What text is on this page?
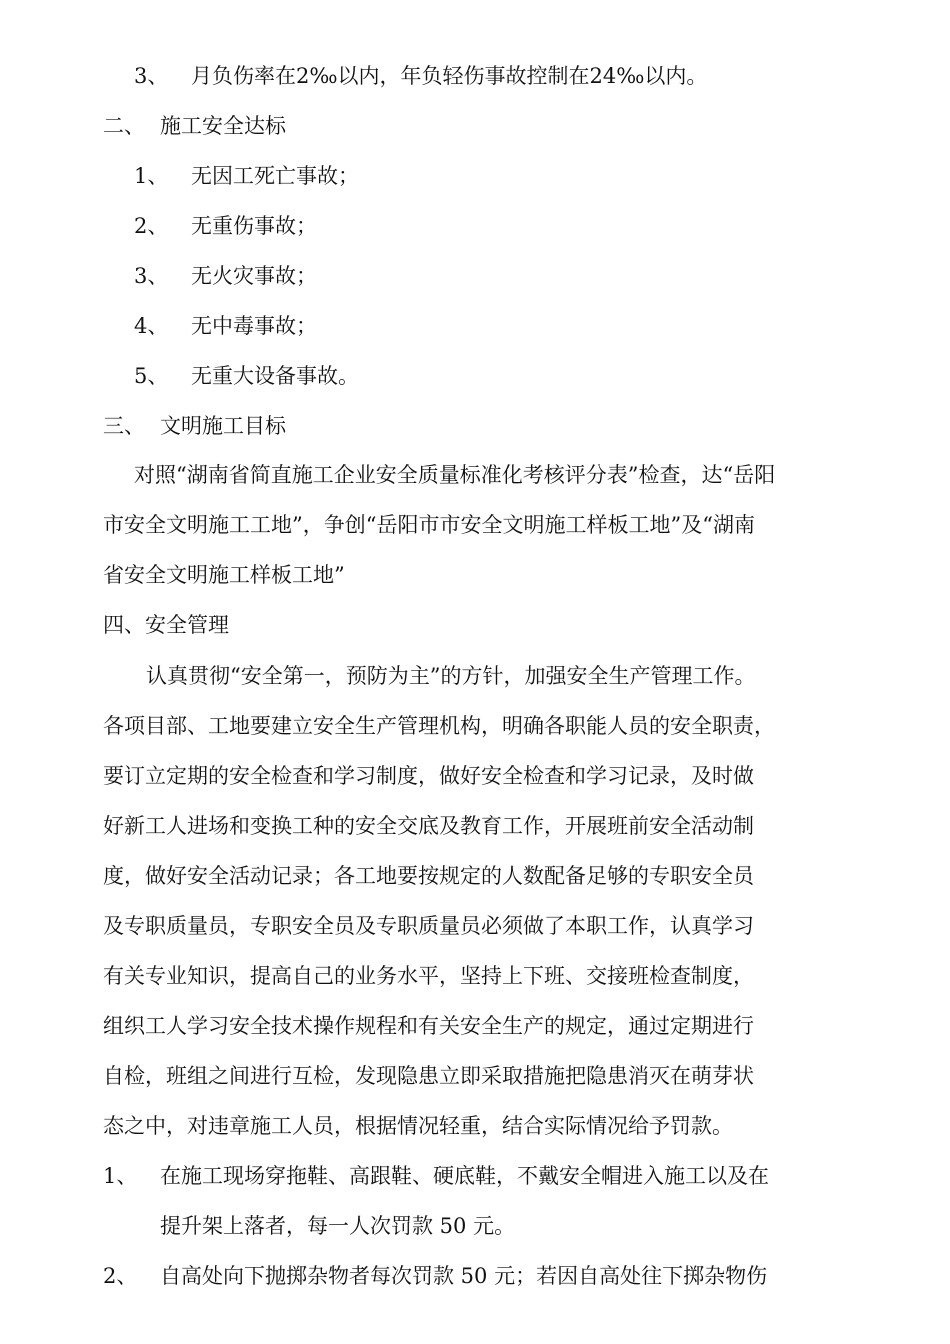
3、 月负伤率在2‰以内，年负轻伤事故控制在24‰以内。
二、 施工安全达标
1、 无因工死亡事故；
2、 无重伤事故；
3、 无火灾事故；
4、 无中毒事故；
5、 无重大设备事故。
三、 文明施工目标
对照“湖南省简直施工企业安全质量标准化考核评分表”检查，达“岳阳
市安全文明施工工地”，争创“岳阳市市安全文明施工样板工地”及“湖南
省安全文明施工样板工地”
四、安全管理
认真贯彻“安全第一，预防为主”的方针，加强安全生产管理工作。
各项目部、工地要建立安全生产管理机构，明确各职能人员的安全职责，
要订立定期的安全检查和学习制度，做好安全检查和学习记录，及时做
好新工人进场和变换工种的安全交底及教育工作，开展班前安全活动制
度，做好安全活动记录；各工地要按规定的人数配备足够的专职安全员
及专职质量员，专职安全员及专职质量员必须做了本职工作，认真学习
有关专业知识，提高自己的业务水平，坚持上下班、交接班检查制度，
组织工人学习安全技术操作规程和有关安全生产的规定，通过定期进行
自检，班组之间进行互检，发现隐患立即采取措施把隐患消灭在萌芽状
态之中，对违章施工人员，根据情况轻重，结合实际情况给予罚款。
1、 在施工现场穿拖鞋、高跟鞋、硬底鞋，不戴安全帽进入施工以及在
提升架上落者，每一人次罚款 50 元。
2、 自高处向下抛掷杂物者每次罚款 50 元；若因自高处往下掷杂物伤
